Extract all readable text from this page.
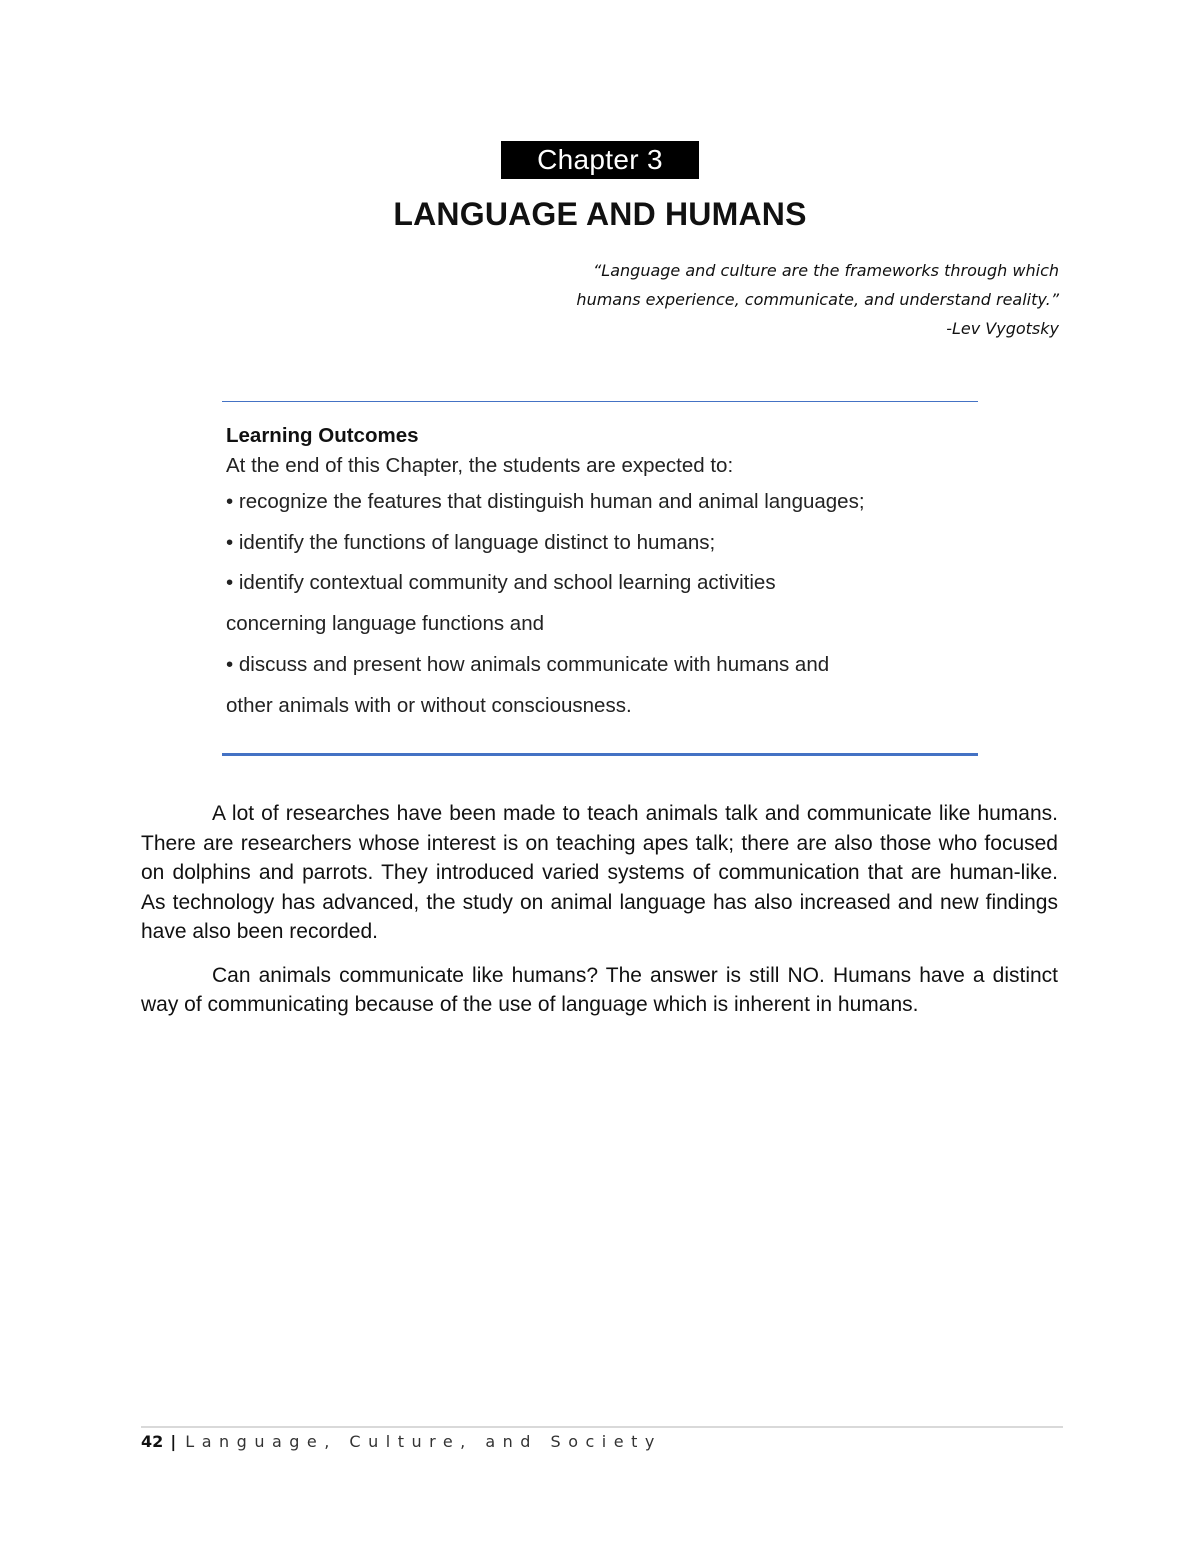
Chapter 3
LANGUAGE AND HUMANS
“Language and culture are the frameworks through which
humans experience, communicate, and understand reality.”
-Lev Vygotsky
Learning Outcomes
At the end of this Chapter, the students are expected to:
• recognize the features that distinguish human and animal languages;
• identify the functions of language distinct to humans;
• identify contextual community and school learning activities
concerning language functions and
• discuss and present how animals communicate with humans and
other animals with or without consciousness.

A lot of researches have been made to teach animals talk and communicate like humans. There are researchers whose interest is on teaching apes talk; there are also those who focused on dolphins and parrots. They introduced varied systems of communication that are human-like. As technology has advanced, the study on animal language has also increased and new findings have also been recorded.

Can animals communicate like humans? The answer is still NO. Humans have a distinct way of communicating because of the use of language which is inherent in humans.

42 | Language, Culture, and Society
